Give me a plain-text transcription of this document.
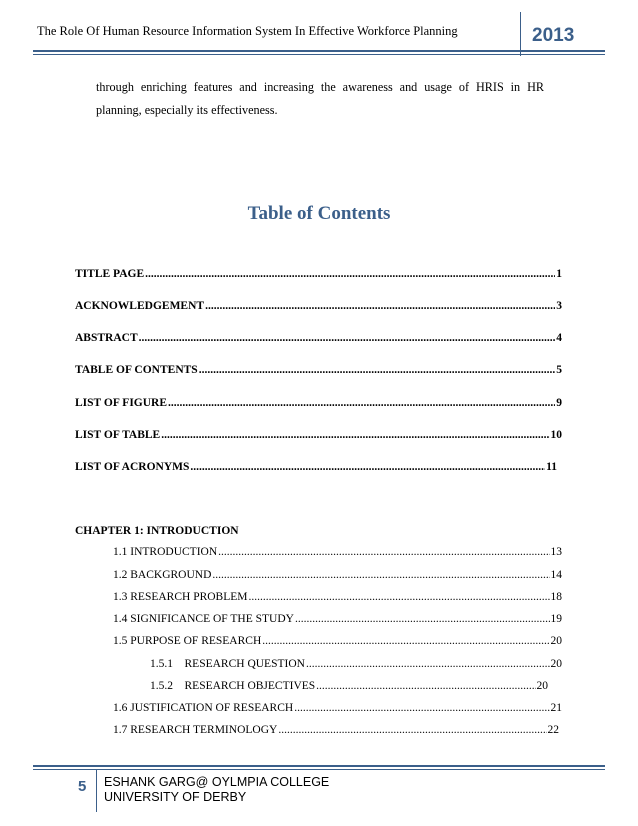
The Role Of Human Resource Information System In Effective Workforce Planning	2013
through enriching features and increasing the awareness and usage of HRIS in HR
planning, especially its effectiveness.
Table of Contents
TITLE PAGE .....	1
ACKNOWLEDGEMENT .....	3
ABSTRACT .....	4
TABLE OF CONTENTS .....	5
LIST OF FIGURE .....	9
LIST OF TABLE .....	10
LIST OF ACRONYMS .....	11
CHAPTER 1: INTRODUCTION
1.1 INTRODUCTION .....	13
1.2 BACKGROUND .....	14
1.3 RESEARCH PROBLEM .....	18
1.4 SIGNIFICANCE OF THE STUDY .....	19
1.5 PURPOSE OF RESEARCH .....	20
1.5.1    RESEARCH QUESTION .....	20
1.5.2    RESEARCH OBJECTIVES .....	20
1.6 JUSTIFICATION OF RESEARCH .....	21
1.7 RESEARCH TERMINOLOGY .....	22
5 ESHANK GARG@ OYLMPIA COLLEGE
UNIVERSITY OF DERBY
